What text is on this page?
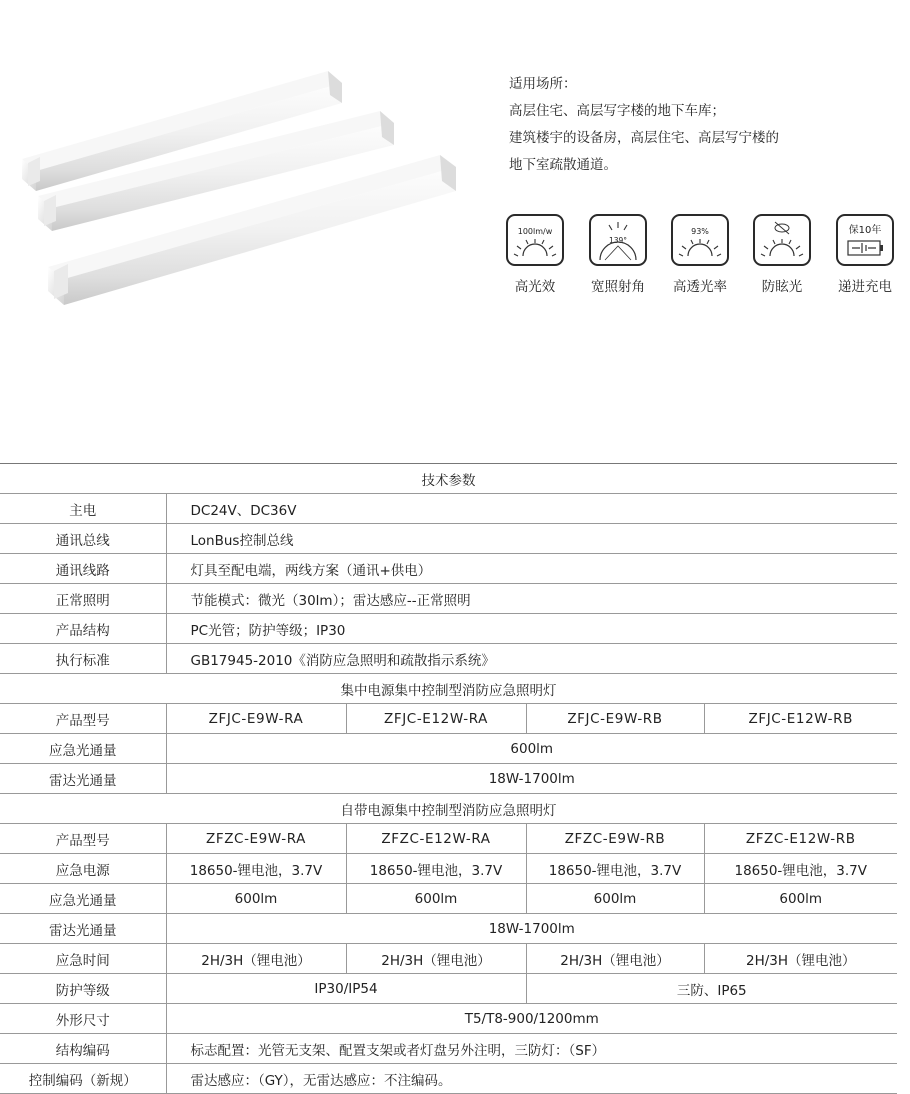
适用场所：
高层住宅、高层写字楼的地下车库；
建筑楼宇的设备房，高层住宅、高层写宁楼的
地下室疏散通道。
100lm/w
高光效
139°
宽照射角
93%
高透光率	防眩光
保10年
递进充电
技术参数				
主电	DC24V、DC36V			
通讯总线	LonBus控制总线			
通讯线路	灯具至配电端，两线方案（通讯+供电）			
正常照明	节能模式：微光（30lm）；雷达感应--正常照明			
产品结构	PC光管；防护等级；IP30			
执行标准	GB17945-2010《消防应急照明和疏散指示系统》			
集中电源集中控制型消防应急照明灯				
产品型号	ZFJC-E9W-RA	ZFJC-E12W-RA	ZFJC-E9W-RB	ZFJC-E12W-RB
应急光通量	600lm			
雷达光通量	18W-1700lm			
自带电源集中控制型消防应急照明灯				
产品型号	ZFZC-E9W-RA	ZFZC-E12W-RA	ZFZC-E9W-RB	ZFZC-E12W-RB
应急电源	18650-锂电池，3.7V	18650-锂电池，3.7V	18650-锂电池，3.7V	18650-锂电池，3.7V
应急光通量	600lm	600lm	600lm	600lm
雷达光通量	18W-1700lm			
应急时间	2H/3H（锂电池）	2H/3H（锂电池）	2H/3H（锂电池）	2H/3H（锂电池）
防护等级	IP30/IP54		三防、IP65	
外形尺寸	T5/T8-900/1200mm			
结构编码	标志配置：光管无支架、配置支架或者灯盘另外注明，三防灯：（SF）			
控制编码（新规）	雷达感应：（GY），无雷达感应：不注编码。			
